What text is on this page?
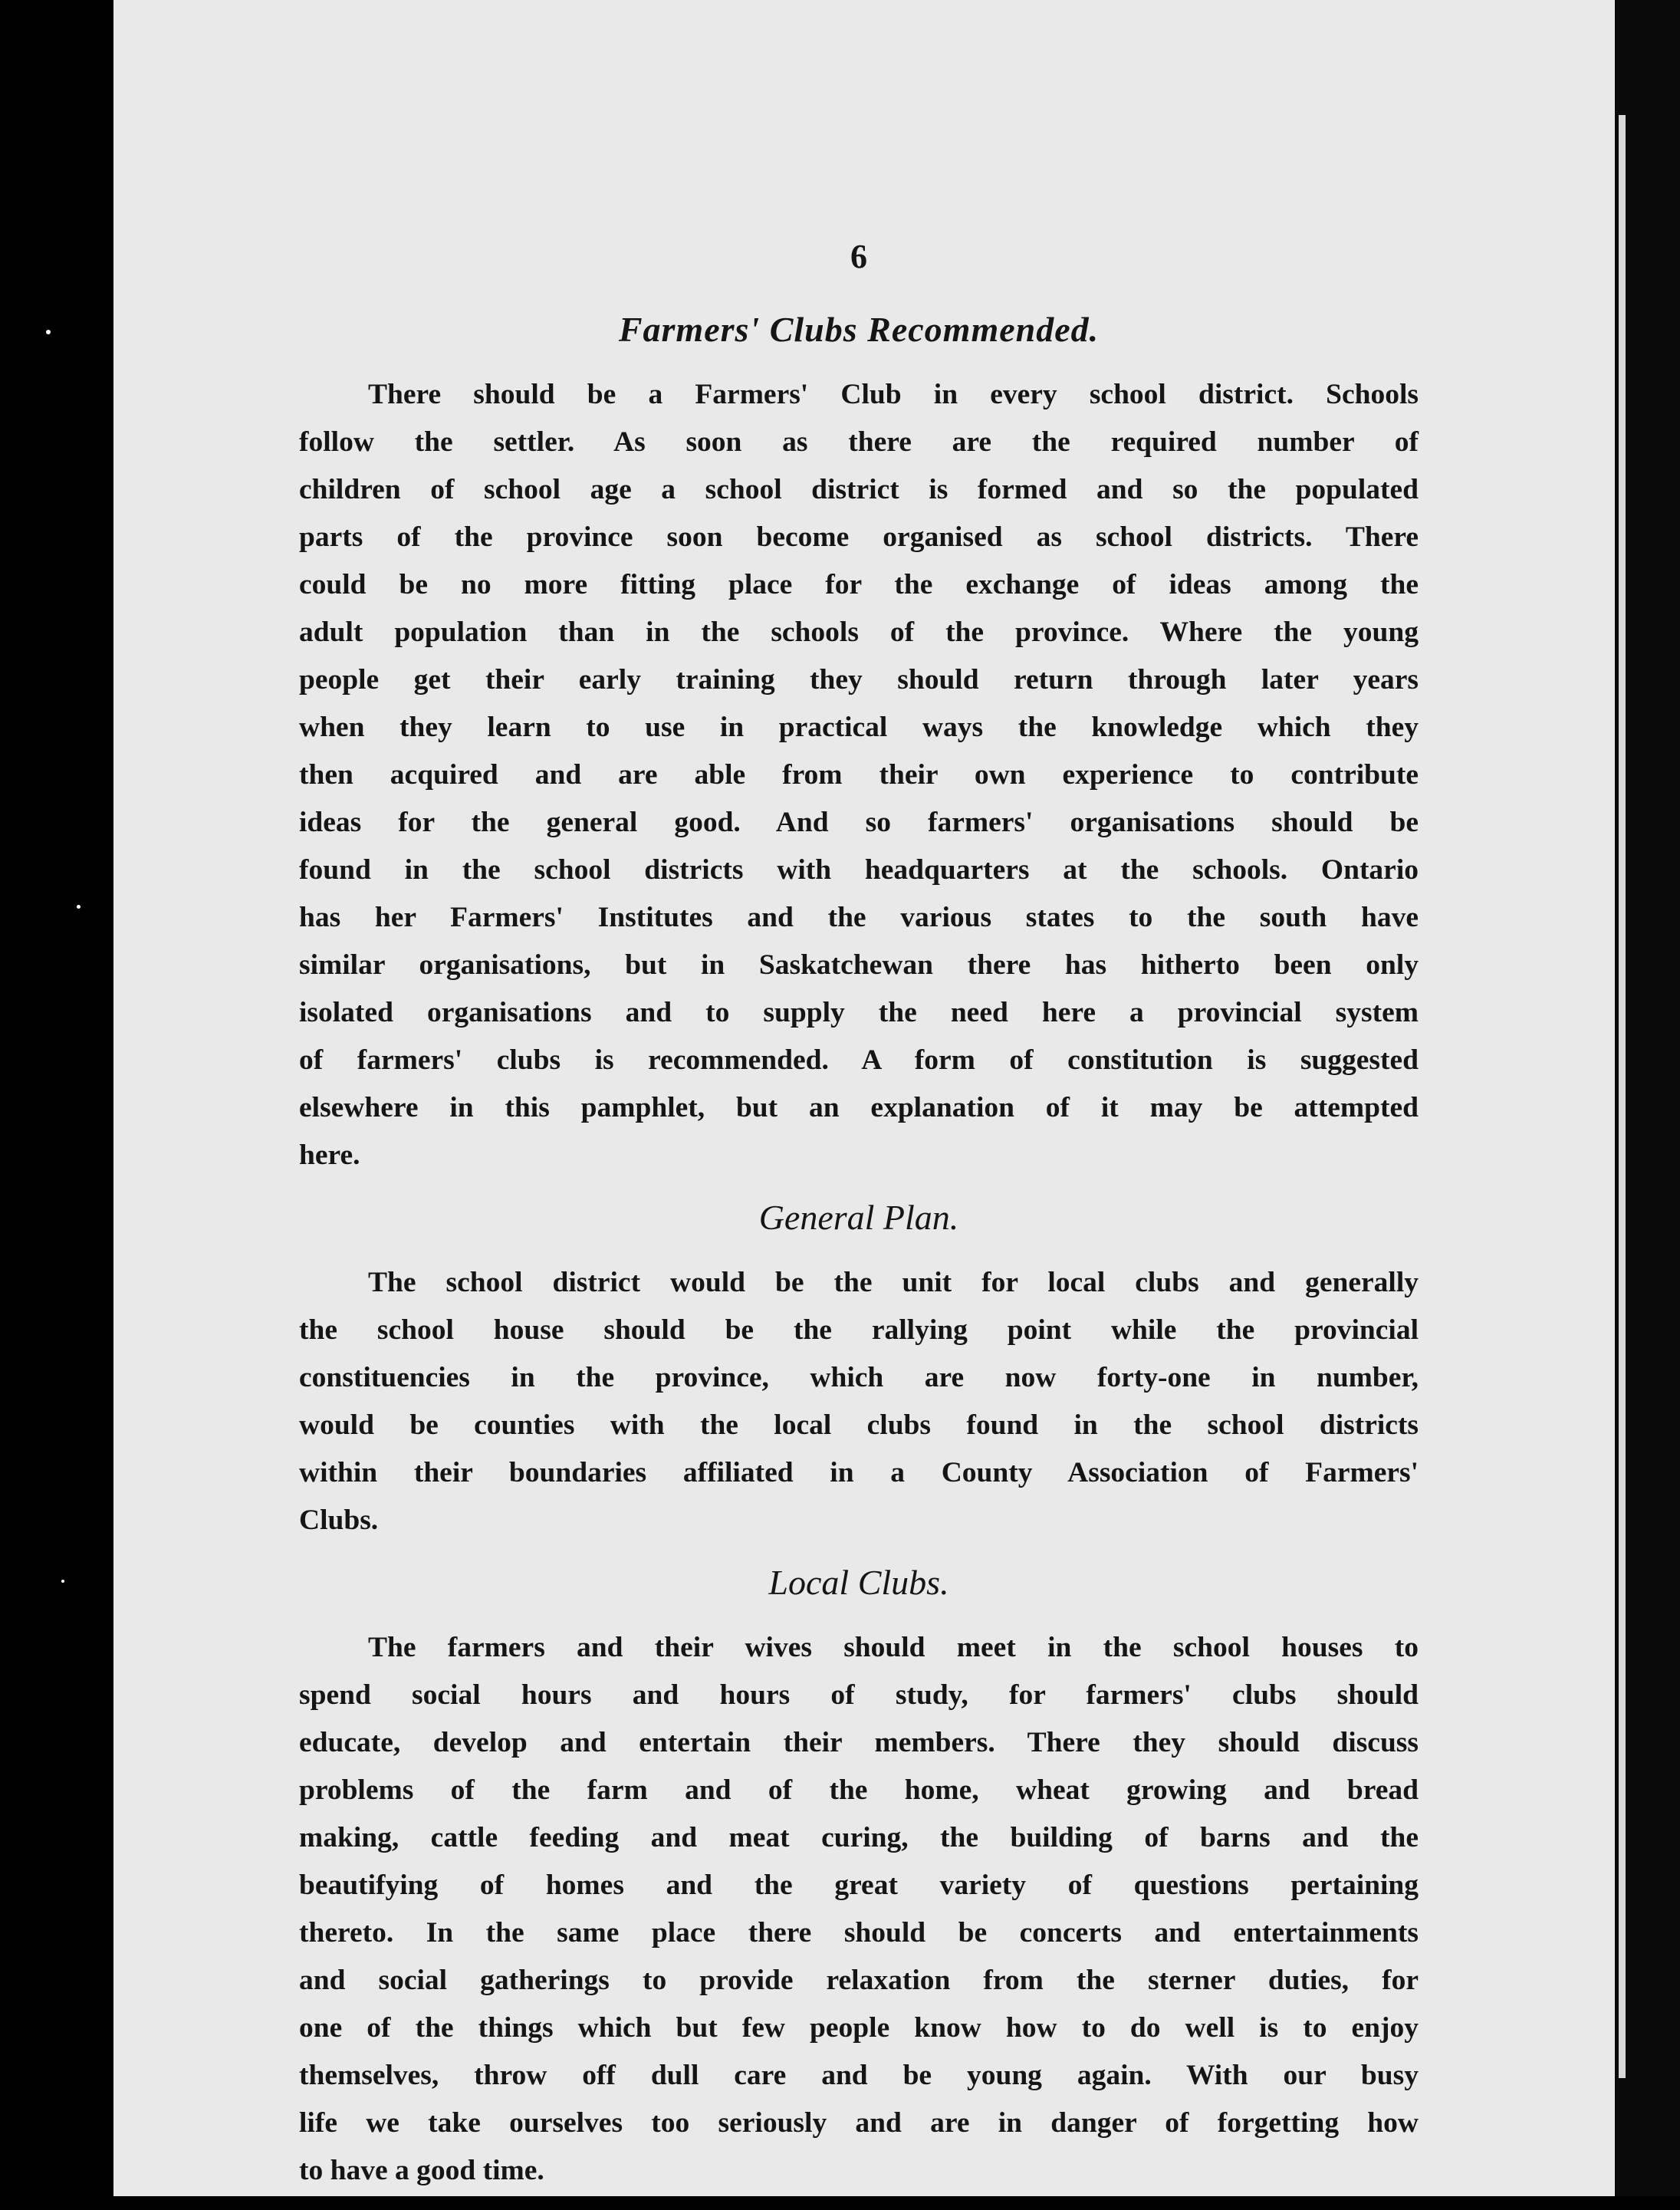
6
Farmers' Clubs Recommended.
There should be a Farmers' Club in every school district. Schools
follow the settler. As soon as there are the required number of
children of school age a school district is formed and so the populated
parts of the province soon become organised as school districts. There
could be no more fitting place for the exchange of ideas among the
adult population than in the schools of the province. Where the young
people get their early training they should return through later years
when they learn to use in practical ways the knowledge which they
then acquired and are able from their own experience to contribute
ideas for the general good. And so farmers' organisations should be
found in the school districts with headquarters at the schools. Ontario
has her Farmers' Institutes and the various states to the south have
similar organisations, but in Saskatchewan there has hitherto been only
isolated organisations and to supply the need here a provincial system
of farmers' clubs is recommended. A form of constitution is suggested
elsewhere in this pamphlet, but an explanation of it may be attempted
here.
General Plan.
The school district would be the unit for local clubs and generally
the school house should be the rallying point while the provincial
constituencies in the province, which are now forty-one in number,
would be counties with the local clubs found in the school districts
within their boundaries affiliated in a County Association of Farmers'
Clubs.
Local Clubs.
The farmers and their wives should meet in the school houses to
spend social hours and hours of study, for farmers' clubs should
educate, develop and entertain their members. There they should discuss
problems of the farm and of the home, wheat growing and bread
making, cattle feeding and meat curing, the building of barns and the
beautifying of homes and the great variety of questions pertaining
thereto. In the same place there should be concerts and entertainments
and social gatherings to provide relaxation from the sterner duties, for
one of the things which but few people know how to do well is to enjoy
themselves, throw off dull care and be young again. With our busy
life we take ourselves too seriously and are in danger of forgetting how
to have a good time.
